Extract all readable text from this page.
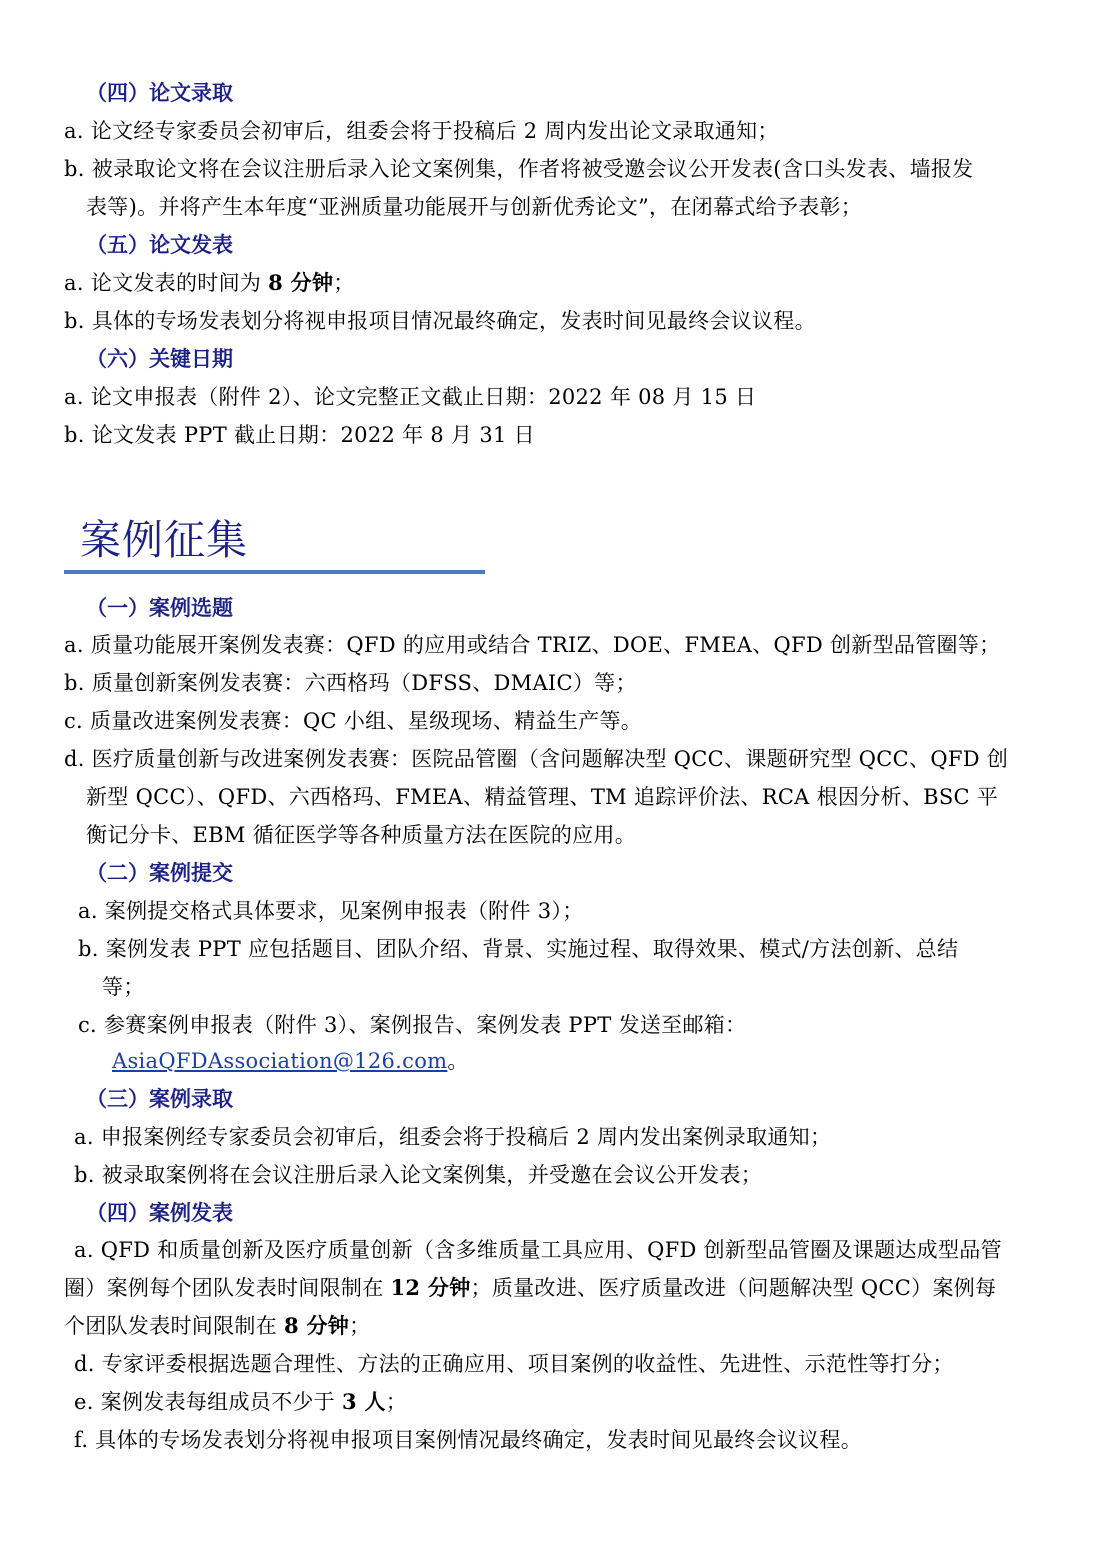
（四）论文录取
a. 论文经专家委员会初审后，组委会将于投稿后 2 周内发出论文录取通知；
b. 被录取论文将在会议注册后录入论文案例集，作者将被受邀会议公开发表(含口头发表、墙报发
表等)。并将产生本年度“亚洲质量功能展开与创新优秀论文”，在闭幕式给予表彰；
（五）论文发表
a. 论文发表的时间为 8 分钟；
b. 具体的专场发表划分将视申报项目情况最终确定，发表时间见最终会议议程。
（六）关键日期
a. 论文申报表（附件 2）、论文完整正文截止日期：2022 年 08 月 15 日
b. 论文发表 PPT 截止日期：2022 年 8 月 31 日
案例征集
（一）案例选题
a. 质量功能展开案例发表赛：QFD 的应用或结合 TRIZ、DOE、FMEA、QFD 创新型品管圈等；
b. 质量创新案例发表赛：六西格玛（DFSS、DMAIC）等；
c. 质量改进案例发表赛：QC 小组、星级现场、精益生产等。
d. 医疗质量创新与改进案例发表赛：医院品管圈（含问题解决型 QCC、课题研究型 QCC、QFD 创
新型 QCC）、QFD、六西格玛、FMEA、精益管理、TM 追踪评价法、RCA 根因分析、BSC 平
衡记分卡、EBM 循征医学等各种质量方法在医院的应用。
（二）案例提交
a. 案例提交格式具体要求，见案例申报表（附件 3）；
b. 案例发表 PPT 应包括题目、团队介绍、背景、实施过程、取得效果、模式/方法创新、总结
等；
c. 参赛案例申报表（附件 3）、案例报告、案例发表 PPT 发送至邮箱：
AsiaQFDAssociation@126.com。
（三）案例录取
a. 申报案例经专家委员会初审后，组委会将于投稿后 2 周内发出案例录取通知；
b. 被录取案例将在会议注册后录入论文案例集，并受邀在会议公开发表；
（四）案例发表
a. QFD 和质量创新及医疗质量创新（含多维质量工具应用、QFD 创新型品管圈及课题达成型品管
圈）案例每个团队发表时间限制在 12 分钟；质量改进、医疗质量改进（问题解决型 QCC）案例每
个团队发表时间限制在 8 分钟；
d. 专家评委根据选题合理性、方法的正确应用、项目案例的收益性、先进性、示范性等打分；
e. 案例发表每组成员不少于 3 人；
f. 具体的专场发表划分将视申报项目案例情况最终确定，发表时间见最终会议议程。
